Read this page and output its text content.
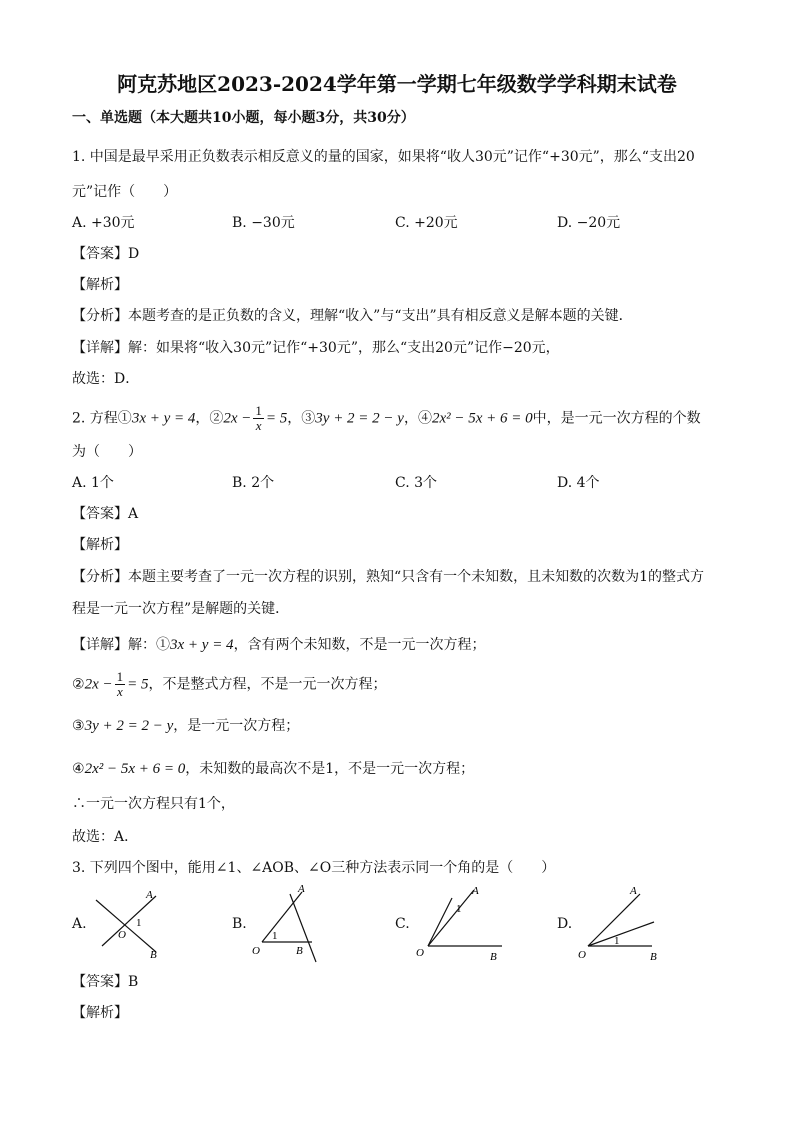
阿克苏地区2023-2024学年第一学期七年级数学学科期末试卷
一、单选题（本大题共10小题，每小题3分，共30分）
1. 中国是最早采用正负数表示相反意义的量的国家，如果将“收人30元”记作“+30元”，那么“支出20
元”记作（　　）
A. +30元	B. −30元	C. +20元	D. −20元
【答案】D
【解析】
【分析】本题考查的是正负数的含义，理解“收入”与“支出”具有相反意义是解本题的关键．
【详解】解：如果将“收入30元”记作“+30元”，那么“支出20元”记作−20元，
故选：D．
2. 方程①3x + y = 4，②2x − $\frac{1}{x} = 5$，③3y + 2 = 2 − y，④2x² − 5x + 6 = 0中，是一元一次方程的个数
为（　　）
A. 1个	B. 2个	C. 3个	D. 4个
【答案】A
【解析】
【分析】本题主要考查了一元一次方程的识别，熟知“只含有一个未知数，且未知数的次数为1的整式方
程是一元一次方程”是解题的关键．
【详解】解：①3x + y = 4，含有两个未知数，不是一元一次方程；
②2x − $\frac{1}{x} = 5$，不是整式方程，不是一元一次方程；
③3y + 2 = 2 − y，是一元一次方程；
④2x² − 5x + 6 = 0，未知数的最高次不是1，不是一元一次方程；
∴一元一次方程只有1个，
故选：A．
3. 下列四个图中，能用∠1、∠AOB、∠O三种方法表示同一个角的是（　　）
A.
A
O
1
B
B.
A
O
1
B
C.
A
O
1
B
D.
A
O
1
B
【答案】B
【解析】
